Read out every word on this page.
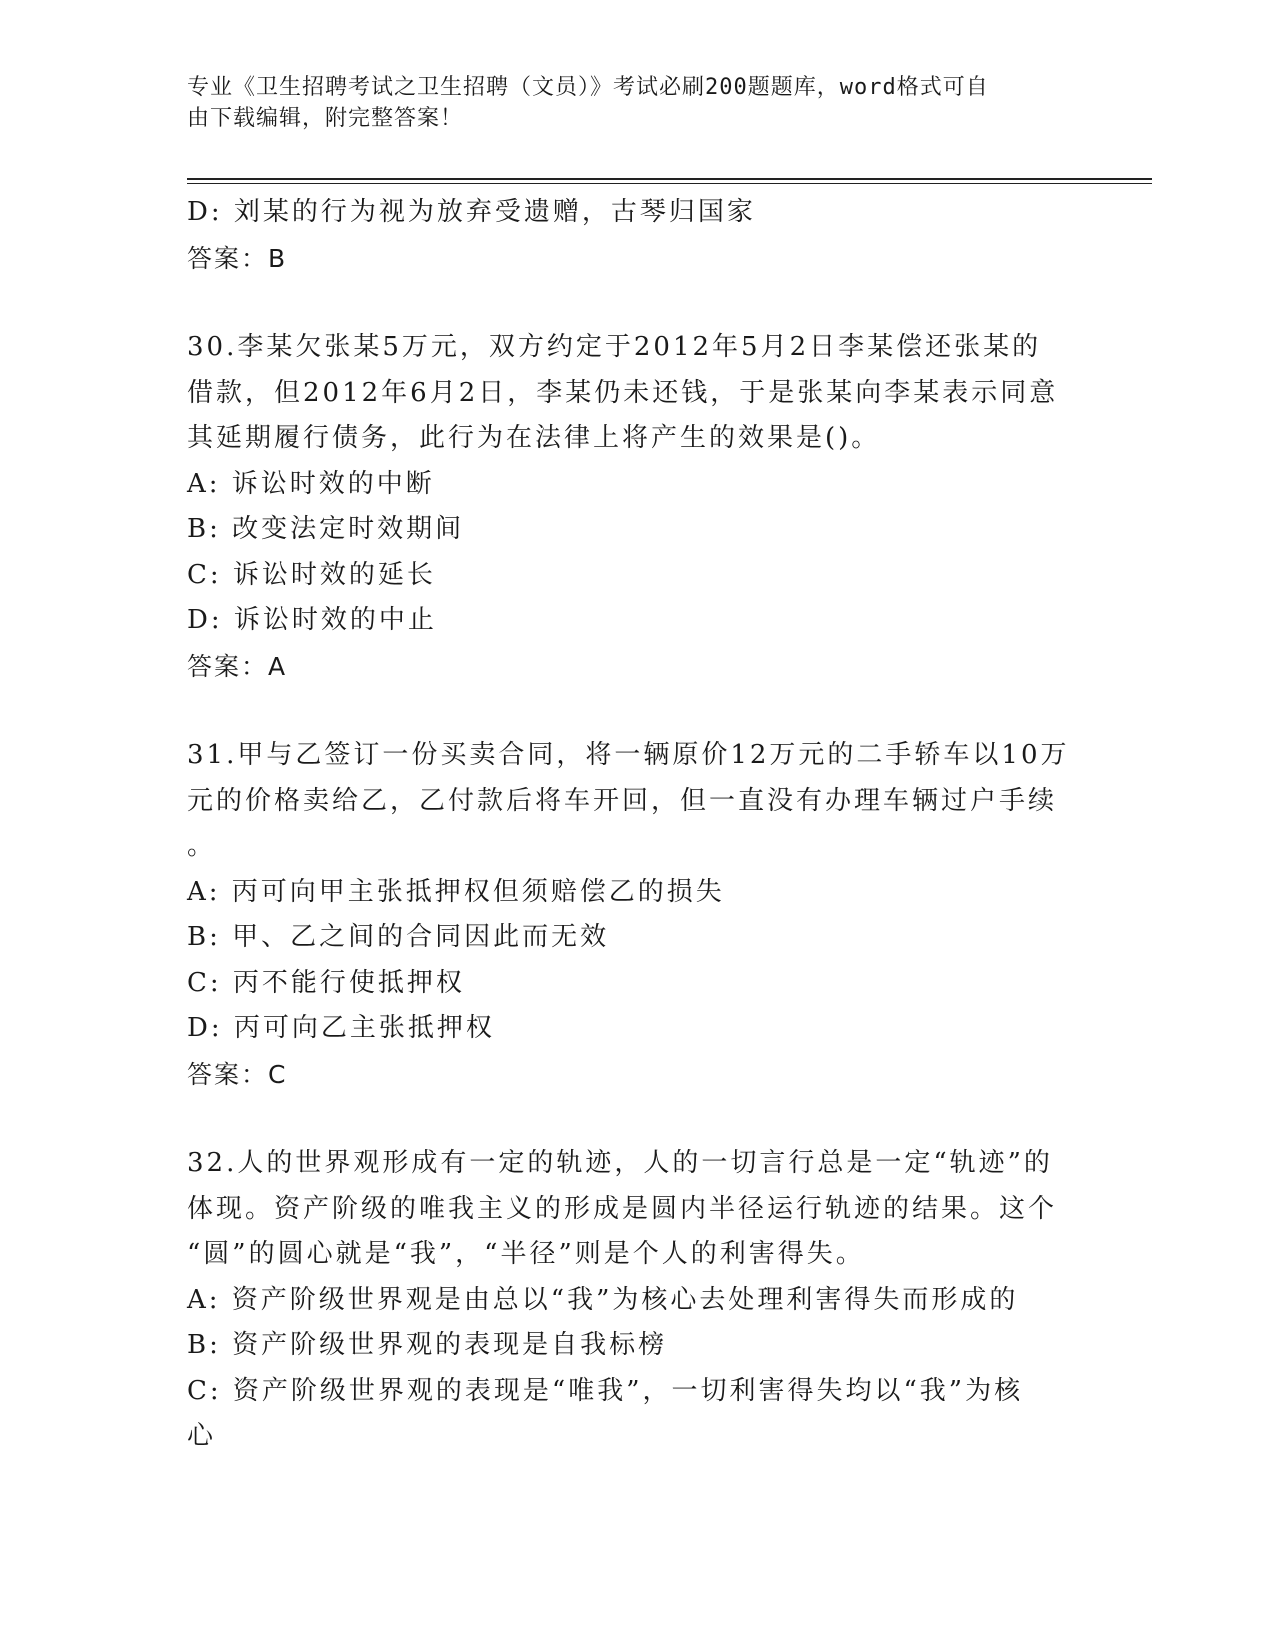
专业《卫生招聘考试之卫生招聘（文员）》考试必刷200题题库，word格式可自
由下载编辑，附完整答案！
D: 刘某的行为视为放弃受遗赠，古琴归国家
答案：B
30.李某欠张某5万元，双方约定于2012年5月2日李某偿还张某的
借款，但2012年6月2日，李某仍未还钱，于是张某向李某表示同意
其延期履行债务，此行为在法律上将产生的效果是()。
A: 诉讼时效的中断
B: 改变法定时效期间
C: 诉讼时效的延长
D: 诉讼时效的中止
答案：A
31.甲与乙签订一份买卖合同，将一辆原价12万元的二手轿车以10万
元的价格卖给乙，乙付款后将车开回，但一直没有办理车辆过户手续
。
A: 丙可向甲主张抵押权但须赔偿乙的损失
B: 甲、乙之间的合同因此而无效
C: 丙不能行使抵押权
D: 丙可向乙主张抵押权
答案：C
32.人的世界观形成有一定的轨迹，人的一切言行总是一定“轨迹”的
体现。资产阶级的唯我主义的形成是圆内半径运行轨迹的结果。这个
“圆”的圆心就是“我”，“半径”则是个人的利害得失。
A: 资产阶级世界观是由总以“我”为核心去处理利害得失而形成的
B: 资产阶级世界观的表现是自我标榜
C: 资产阶级世界观的表现是“唯我”，一切利害得失均以“我”为核
心
